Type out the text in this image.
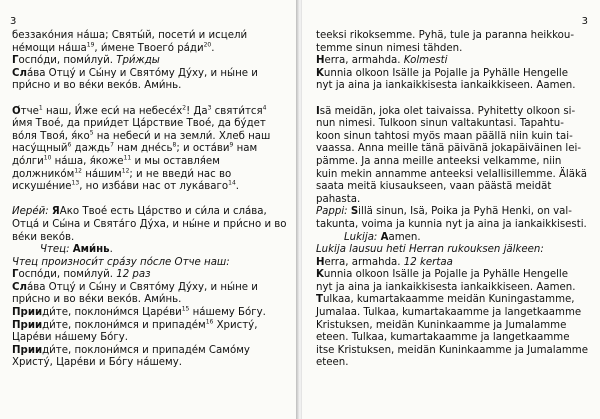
3

беззако́ния на́ша; Святы́й, посети́ и исцели́

не́мощи $на́ша^{19}$, и́мене Твоего́ $ра́ди^{20}$.

Госпо́ди, поми́луй. Три́жды

Сла́ва Отцу́ и Сы́ну и Свято́му Ду́ху, и ны́не и

при́сно и во ве́ки веко́в. Ами́нь.

О́тче$^1$ наш, И́же еси́ на $небесе́х^2$! $Да^3$ святи́тся$^4$

и́мя Твое́, да прии́дет Ца́рствие Твое́, да бу́дет

во́ля Твоя́, $я́ко^5$ на небеси́ и на земли́. Хлеб наш

насу́щный$^6$ даждь$^7$ нам $дне́сь^8$; и $оста́ви^9$ нам

до́лги$^{10}$ на́ша, я́коже$^{11}$ и мы оставля́ем

$должнико́м^{12}$ на́шим$^{12}$; и не введи́ нас во

искуше́ние$^{13}$, но изба́ви нас от лука́ваго$^{14}$.

Иере́й: ЯАко Твое́ есть Ца́рство и си́ла и сла́ва,

Отца́ и Сы́на и Свята́го Ду́ха, и ны́не и при́сно и во

ве́ки веко́в.

Чтец: Ами́нь.

Чтец произноси́т сра́зу по́сле Отче наш:

Госпо́ди, поми́луй. 12 раз

Сла́ва Отцу́ и Сы́ну и Свято́му Ду́ху, и ны́не и

при́сно и во ве́ки веко́в. Ами́нь.

Прииди́те, поклони́мся $Царе́ви^{15}$ на́шему Бо́гу.

Прииди́те, поклони́мся и $припаде́м^{16}$ Христу́,

Царе́ви на́шему Бо́гу.

Прииди́те, поклони́мся и припаде́м Само́му

Христу́, Царе́ви и Бо́гу на́шему.

3

teeksi rikoksemme. Pyhä, tule ja paranna heikkou-

temme sinun nimesi tähden.

Herra, armahda. Kolmesti

Kunnia olkoon Isälle ja Pojalle ja Pyhälle Hengelle

nyt ja aina ja iankaikkisesta iankaikkiseen. Aamen.

Isä meidän, joka olet taivaissa. Pyhitetty olkoon si-

nun nimesi. Tulkoon sinun valtakuntasi. Tapahtu-

koon sinun tahtosi myös maan päällä niin kuin tai-

vaassa. Anna meille tänä päivänä jokapäiväinen lei-

pämme. Ja anna meille anteeksi velkamme, niin

kuin mekin annamme anteeksi velallisillemme. Äläkä

saata meitä kiusaukseen, vaan päästä meidät

pahasta.

Pappi: Sillä sinun, Isä, Poika ja Pyhä Henki, on val-

takunta, voima ja kunnia nyt ja aina ja iankaikkisesti.

Lukija: Aamen.

Lukija lausuu heti Herran rukouksen jälkeen:

Herra, armahda. 12 kertaa

Kunnia olkoon Isälle ja Pojalle ja Pyhälle Hengelle

nyt ja aina ja iankaikkisesta iankaikkiseen. Aamen.

Tulkaa, kumartakaamme meidän Kuningastamme,

Jumalaa. Tulkaa, kumartakaamme ja langetkaamme

Kristuksen, meidän Kuninkaamme ja Jumalamme

eteen. Tulkaa, kumartakaamme ja langetkaamme

itse Kristuksen, meidän Kuninkaamme ja Jumalamme

eteen.
